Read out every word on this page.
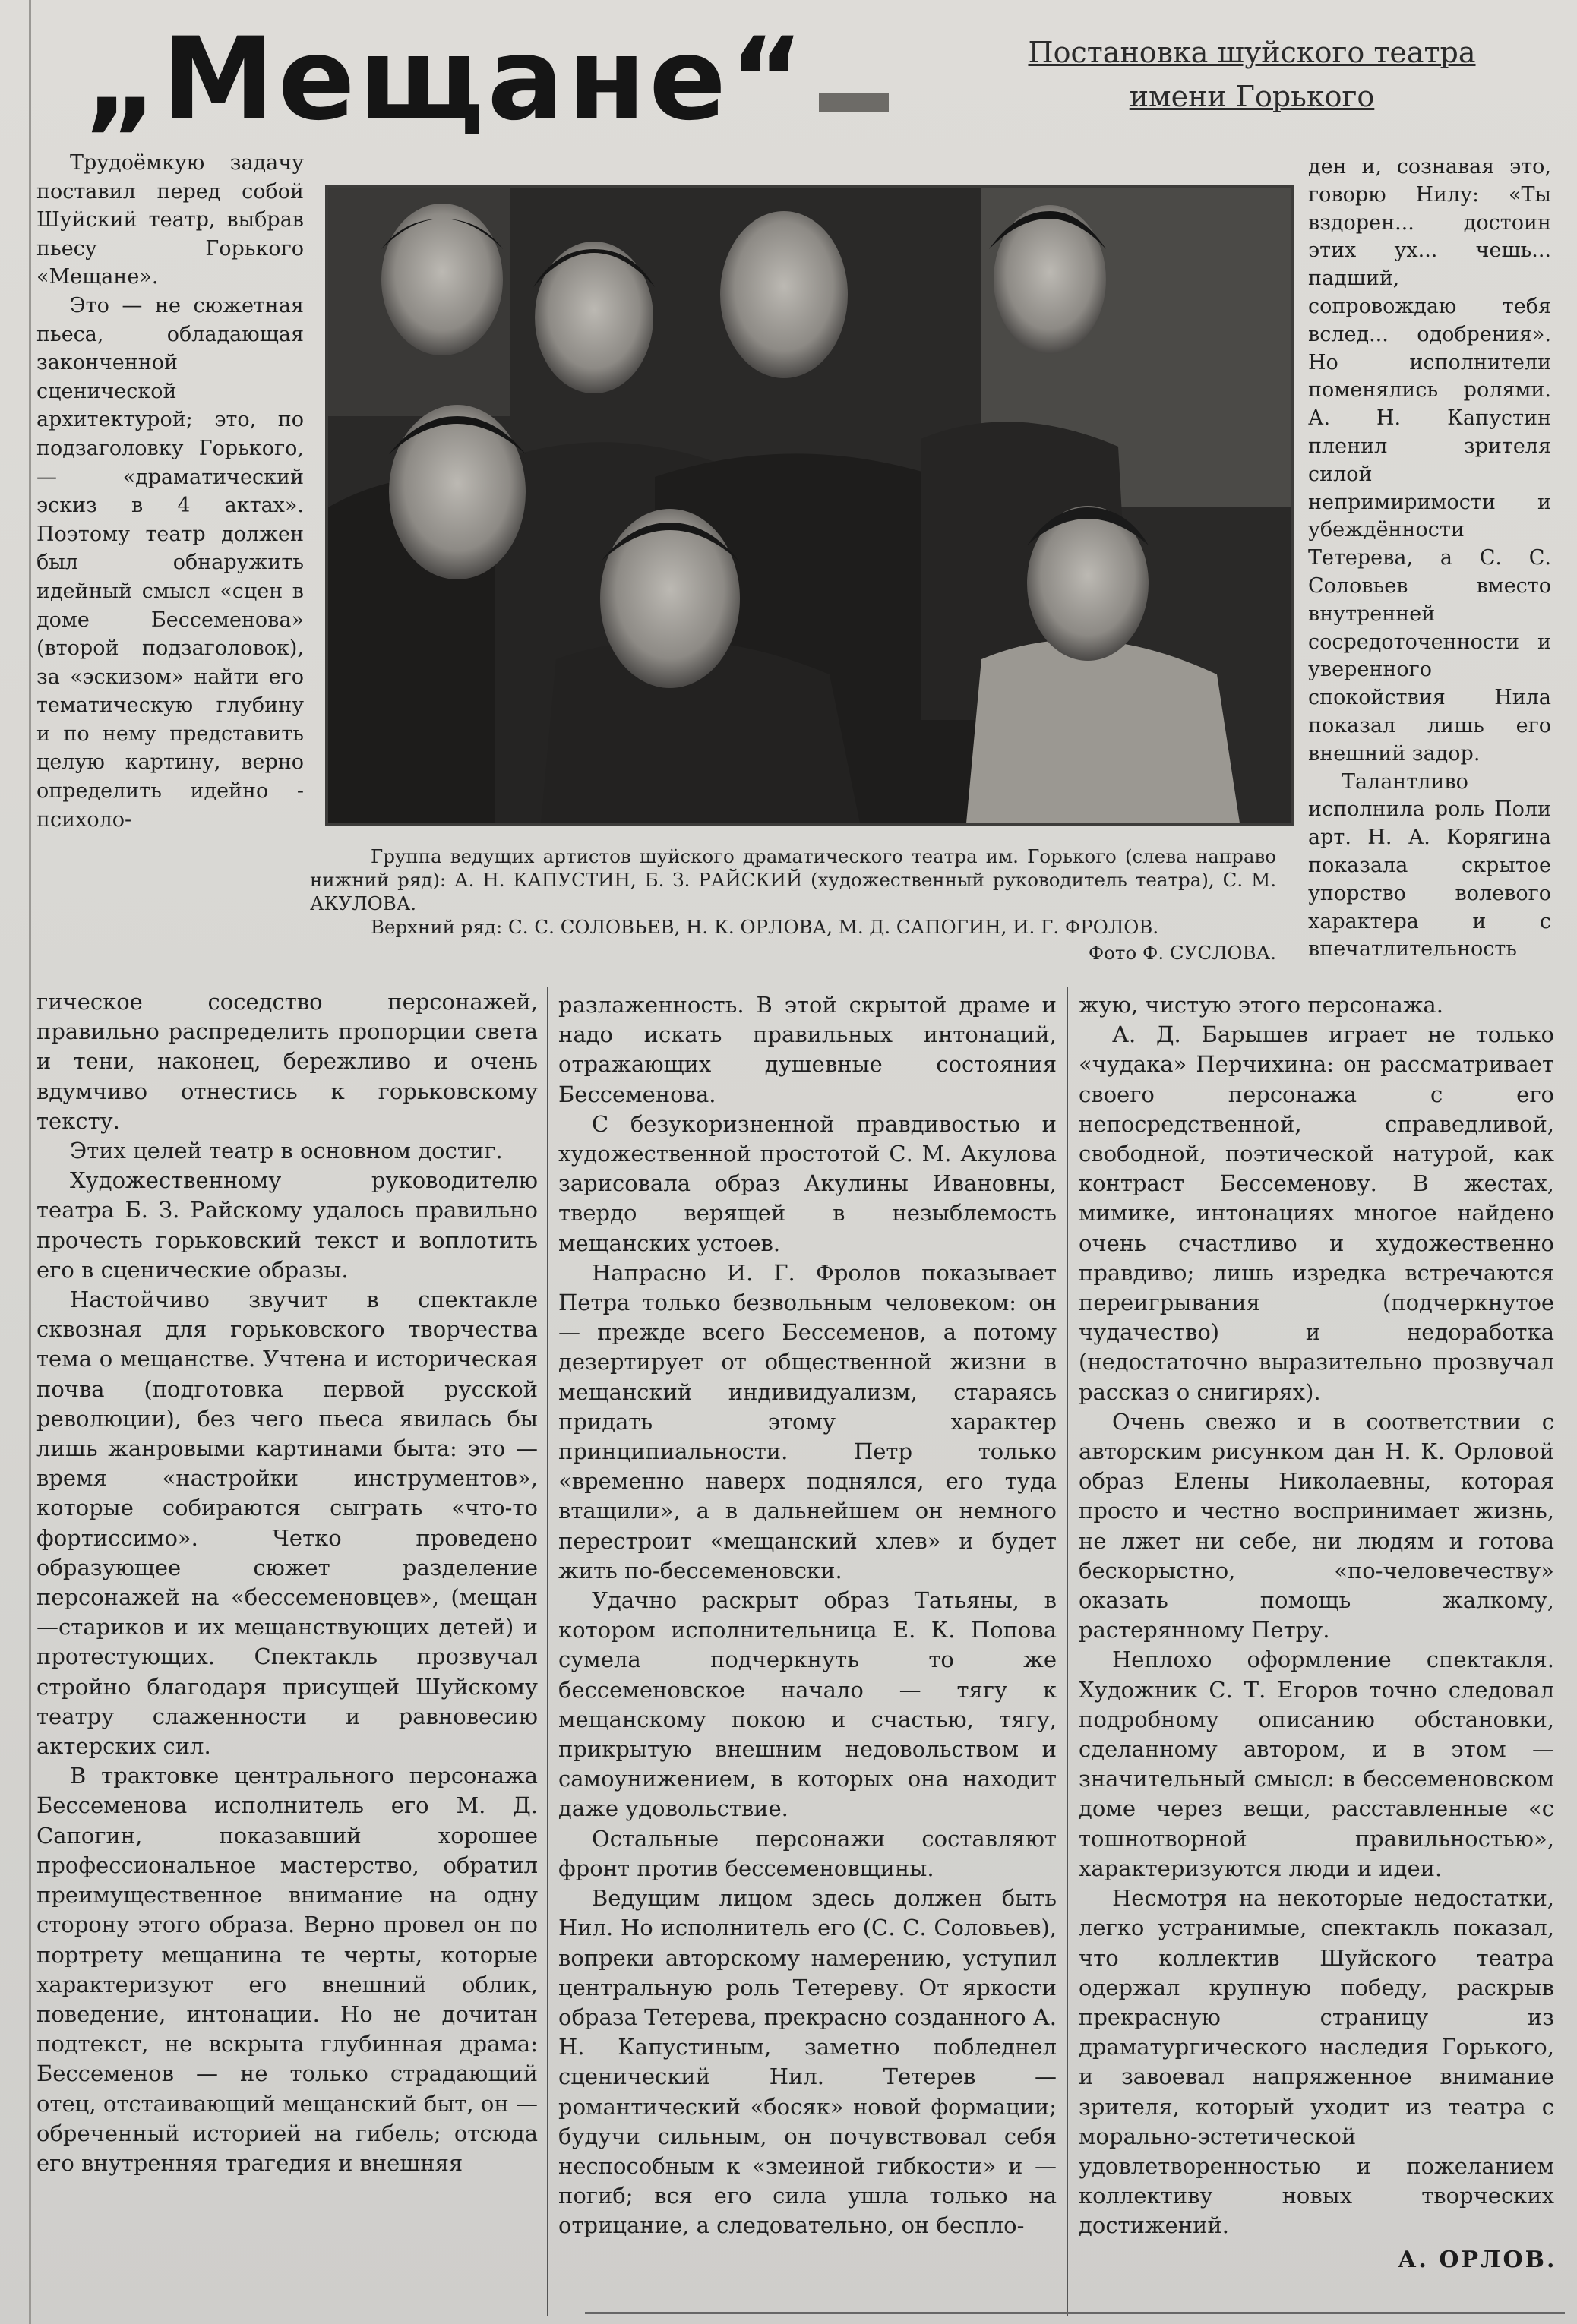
„Мещане“	Постановка шуйского театра
имени Горького

Трудоёмкую задачу поставил перед собой Шуйский театр, выбрав пьесу Горького «Мещане».

Это — не сюжетная пьеса, обладающая законченной сценической архитектурой; это, по подзаголовку Горького, — «драматический эскиз в 4 актах». Поэтому театр должен был обнаружить идейный смысл «сцен в доме Бессеменова» (второй подзаголовок), за «эскизом» найти его тематическую глубину и по нему представить целую картину, верно определить идейно - психоло-

ден и, сознавая это, говорю Нилу: «Ты вздорен... достоин этих ух... чешь... падший, сопровождаю тебя вслед... одобрения». Но исполнители поменялись ролями. А. Н. Капустин пленил зрителя силой непримиримости и убеждённости Тетерева, а С. С. Соловьев вместо внутренней сосредоточенности и уверенного спокойствия Нила показал лишь его внешний задор.

Талантливо исполнила роль Поли арт. Н. А. Корягина показала скрытое упорство волевого характера и с впечатлительность

Группа ведущих артистов шуйского драматического театра им. Горького (слева направо нижний ряд): А. Н. КАПУСТИН, Б. З. РАЙСКИЙ (художественный руководитель театра), С. М. АКУЛОВА.

Верхний ряд: С. С. СОЛОВЬЕВ, Н. К. ОРЛОВА, М. Д. САПОГИН, И. Г. ФРОЛОВ.

Фото Ф. СУСЛОВА.

гическое соседство персонажей, правильно распределить пропорции света и тени, наконец, бережливо и очень вдумчиво отнестись к горьковскому тексту.

Этих целей театр в основном достиг.

Художественному руководителю театра Б. З. Райскому удалось правильно прочесть горьковский текст и воплотить его в сценические образы.

Настойчиво звучит в спектакле сквозная для горьковского творчества тема о мещанстве. Учтена и историческая почва (подготовка первой русской революции), без чего пьеса явилась бы лишь жанровыми картинами быта: это — время «настройки инструментов», которые собираются сыграть «что-то фортиссимо». Четко проведено образующее сюжет разделение персонажей на «бессеменовцев», (мещан—стариков и их мещанствующих детей) и протестующих. Спектакль прозвучал стройно благодаря присущей Шуйскому театру слаженности и равновесию актерских сил.

В трактовке центрального персонажа Бессеменова исполнитель его М. Д. Сапогин, показавший хорошее профессиональное мастерство, обратил преимущественное внимание на одну сторону этого образа. Верно провел он по портрету мещанина те черты, которые характеризуют его внешний облик, поведение, интонации. Но не дочитан подтекст, не вскрыта глубинная драма: Бессеменов — не только страдающий отец, отстаивающий мещанский быт, он — обреченный историей на гибель; отсюда его внутренняя трагедия и внешняя

разлаженность. В этой скрытой драме и надо искать правильных интонаций, отражающих душевные состояния Бессеменова.

С безукоризненной правдивостью и художественной простотой С. М. Акулова зарисовала образ Акулины Ивановны, твердо верящей в незыблемость мещанских устоев.

Напрасно И. Г. Фролов показывает Петра только безвольным человеком: он — прежде всего Бессеменов, а потому дезертирует от общественной жизни в мещанский индивидуализм, стараясь придать этому характер принципиальности. Петр только «временно наверх поднялся, его туда втащили», а в дальнейшем он немного перестроит «мещанский хлев» и будет жить по-бессеменовски.

Удачно раскрыт образ Татьяны, в котором исполнительница Е. К. Попова сумела подчеркнуть то же бессеменовское начало — тягу к мещанскому покою и счастью, тягу, прикрытую внешним недовольством и самоунижением, в которых она находит даже удовольствие.

Остальные персонажи составляют фронт против бессеменовщины.

Ведущим лицом здесь должен быть Нил. Но исполнитель его (С. С. Соловьев), вопреки авторскому намерению, уступил центральную роль Тетереву. От яркости образа Тетерева, прекрасно созданного А. Н. Капустиным, заметно побледнел сценический Нил. Тетерев — романтический «босяк» новой формации; будучи сильным, он почувствовал себя неспособным к «змеиной гибкости» и — погиб; вся его сила ушла только на отрицание, а следовательно, он беспло-

жую, чистую этого персонажа.

А. Д. Барышев играет не только «чудака» Перчихина: он рассматривает своего персонажа с его непосредственной, справедливой, свободной, поэтической натурой, как контраст Бессеменову. В жестах, мимике, интонациях многое найдено очень счастливо и художественно правдиво; лишь изредка встречаются переигрывания (подчеркнутое чудачество) и недоработка (недостаточно выразительно прозвучал рассказ о снигирях).

Очень свежо и в соответствии с авторским рисунком дан Н. К. Орловой образ Елены Николаевны, которая просто и честно воспринимает жизнь, не лжет ни себе, ни людям и готова бескорыстно, «по-человечеству» оказать помощь жалкому, растерянному Петру.

Неплохо оформление спектакля. Художник С. Т. Егоров точно следовал подробному описанию обстановки, сделанному автором, и в этом — значительный смысл: в бессеменовском доме через вещи, расставленные «с тошнотворной правильностью», характеризуются люди и идеи.

Несмотря на некоторые недостатки, легко устранимые, спектакль показал, что коллектив Шуйского театра одержал крупную победу, раскрыв прекрасную страницу из драматургического наследия Горького, и завоевал напряженное внимание зрителя, который уходит из театра с морально-эстетической удовлетворенностью и пожеланием коллективу новых творческих достижений.

А. ОРЛОВ.
